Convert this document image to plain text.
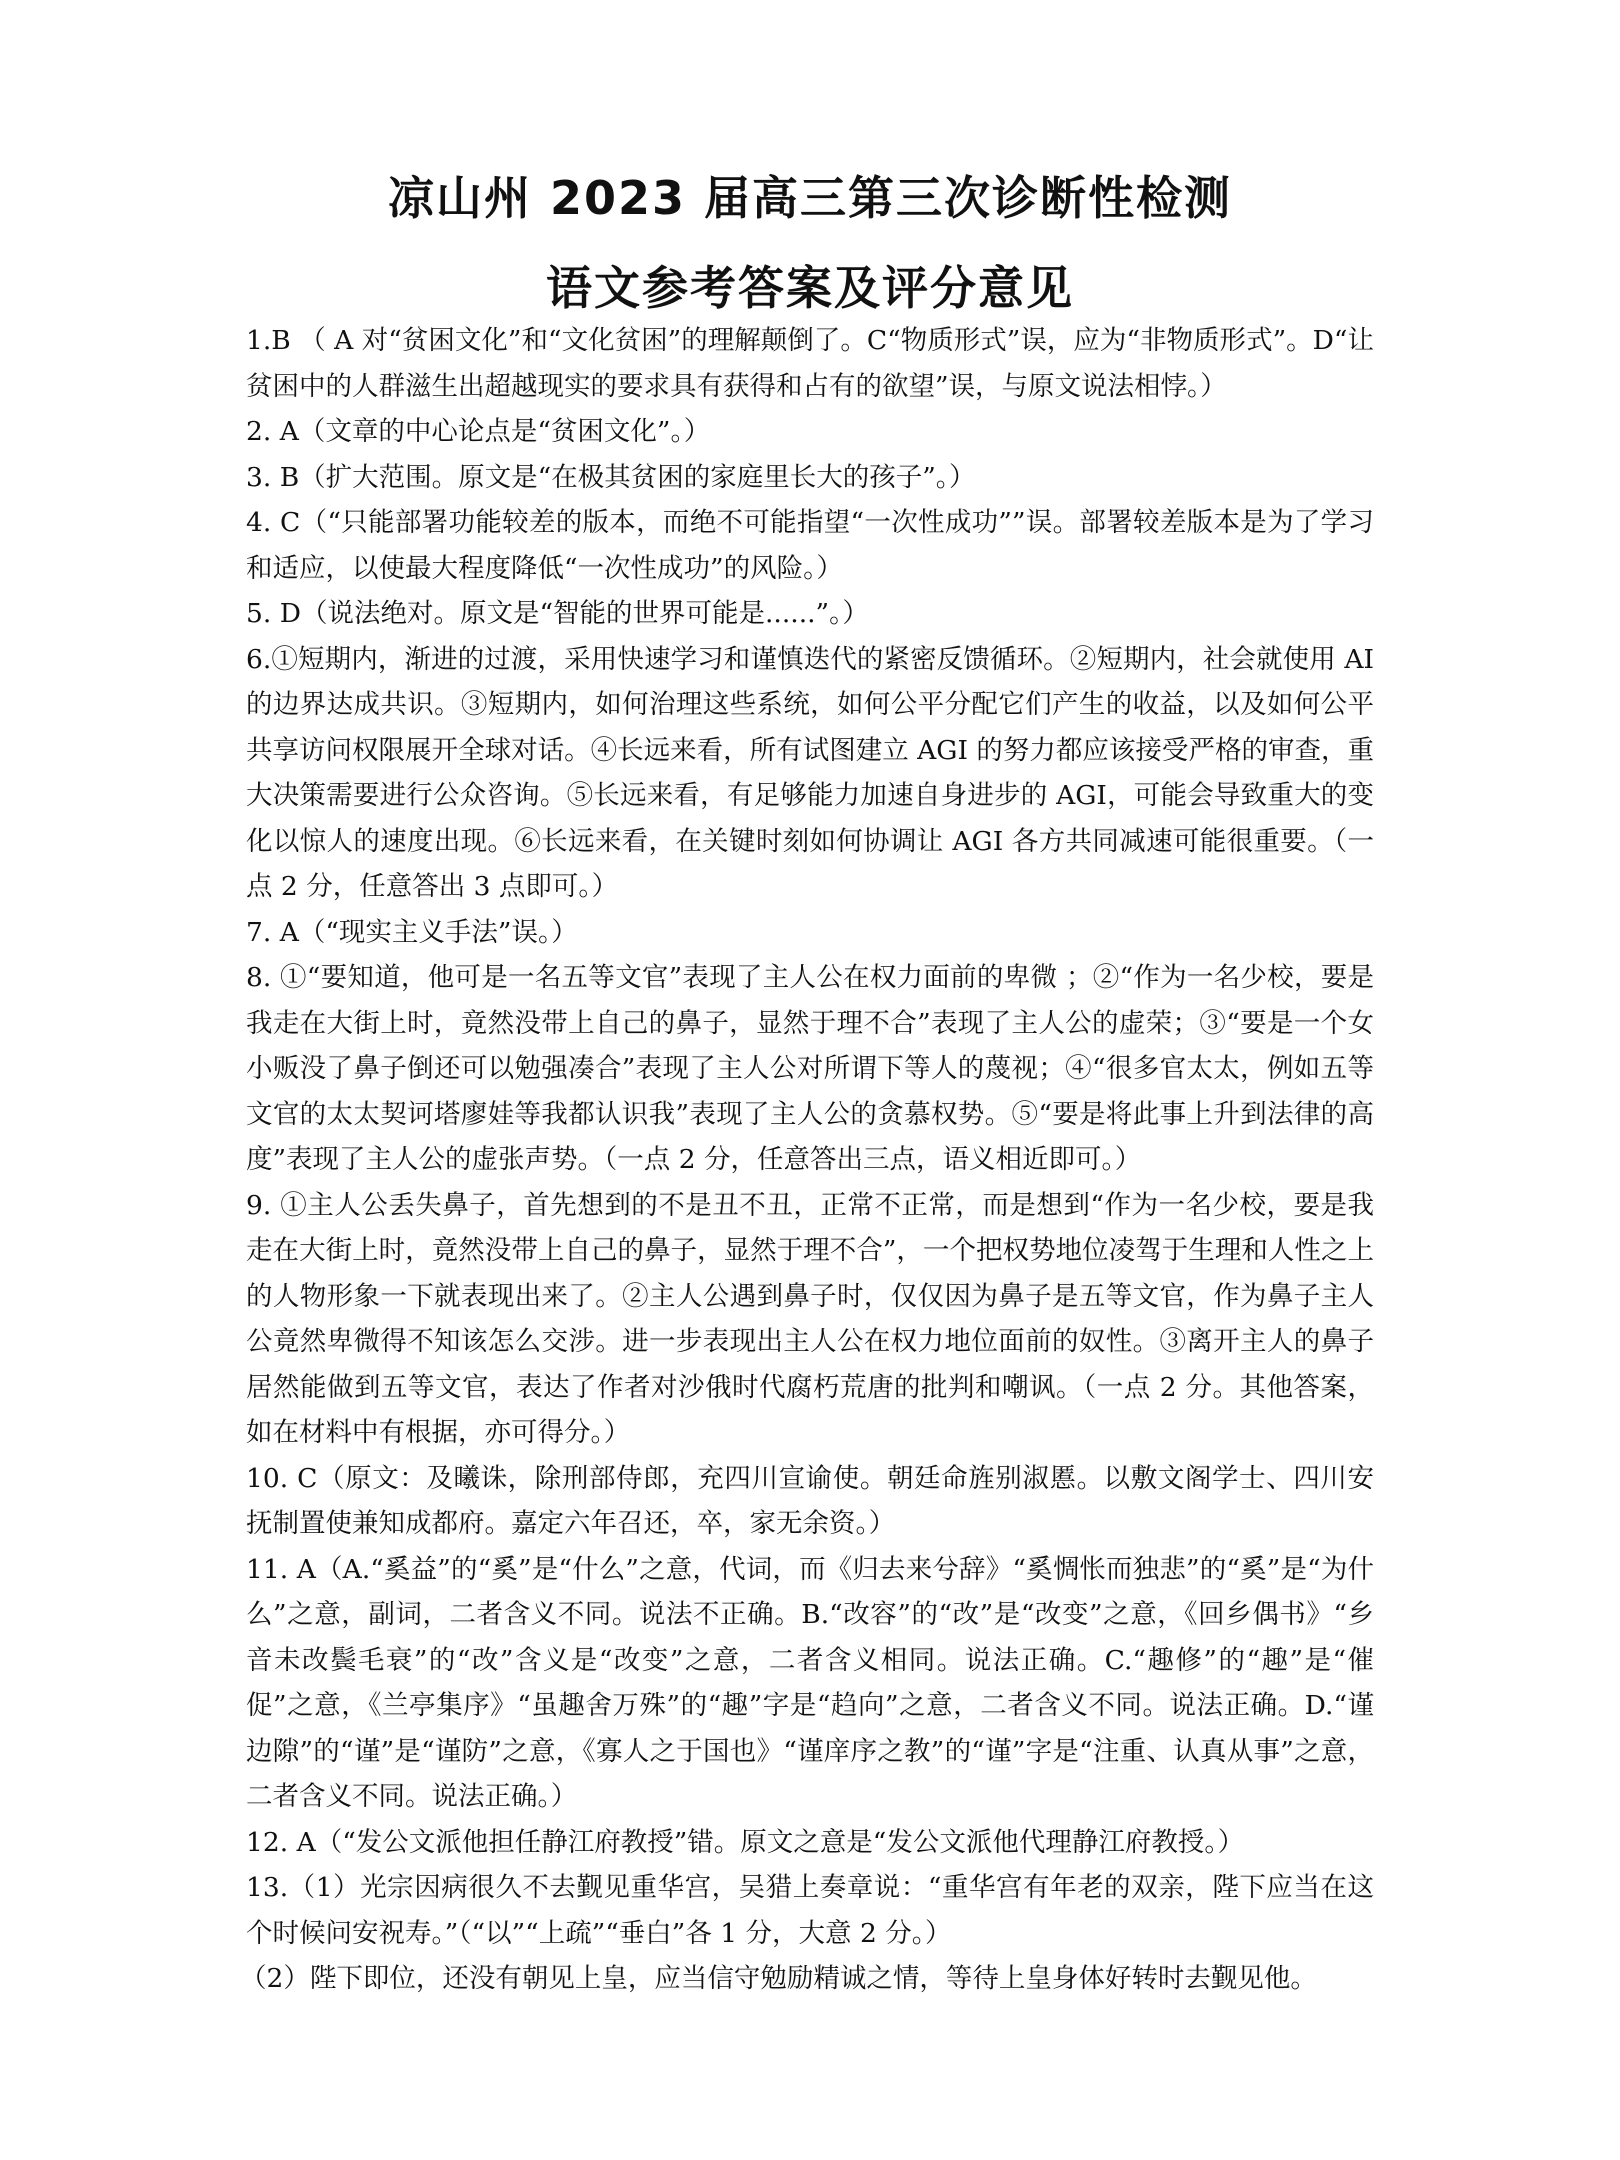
凉山州 2023 届高三第三次诊断性检测
语文参考答案及评分意见

1.B （ A 对“贫困文化”和“文化贫困”的理解颠倒了。C“物质形式”误，应为“非物质形式”。D“让贫困中的人群滋生出超越现实的要求具有获得和占有的欲望”误，与原文说法相悖。）

2. A（文章的中心论点是“贫困文化”。）

3. B（扩大范围。原文是“在极其贫困的家庭里长大的孩子”。）

4. C（“只能部署功能较差的版本，而绝不可能指望“一次性成功””误。部署较差版本是为了学习和适应，以使最大程度降低“一次性成功”的风险。）

5. D（说法绝对。原文是“智能的世界可能是......”。）

6.①短期内，渐进的过渡，采用快速学习和谨慎迭代的紧密反馈循环。②短期内，社会就使用 AI 的边界达成共识。③短期内，如何治理这些系统，如何公平分配它们产生的收益，以及如何公平共享访问权限展开全球对话。④长远来看，所有试图建立 AGI 的努力都应该接受严格的审查，重大决策需要进行公众咨询。⑤长远来看，有足够能力加速自身进步的 AGI，可能会导致重大的变化以惊人的速度出现。⑥长远来看，在关键时刻如何协调让 AGI 各方共同减速可能很重要。（一点 2 分，任意答出 3 点即可。）

7. A（“现实主义手法”误。）

8. ①“要知道，他可是一名五等文官”表现了主人公在权力面前的卑微 ；②“作为一名少校，要是我走在大街上时，竟然没带上自己的鼻子，显然于理不合”表现了主人公的虚荣；③“要是一个女小贩没了鼻子倒还可以勉强凑合”表现了主人公对所谓下等人的蔑视；④“很多官太太，例如五等文官的太太契诃塔廖娃等我都认识我”表现了主人公的贪慕权势。⑤“要是将此事上升到法律的高度”表现了主人公的虚张声势。（一点 2 分，任意答出三点，语义相近即可。）

9. ①主人公丢失鼻子，首先想到的不是丑不丑，正常不正常，而是想到“作为一名少校，要是我走在大街上时，竟然没带上自己的鼻子，显然于理不合”，一个把权势地位凌驾于生理和人性之上的人物形象一下就表现出来了。②主人公遇到鼻子时，仅仅因为鼻子是五等文官，作为鼻子主人公竟然卑微得不知该怎么交涉。进一步表现出主人公在权力地位面前的奴性。③离开主人的鼻子居然能做到五等文官，表达了作者对沙俄时代腐朽荒唐的批判和嘲讽。（一点 2 分。其他答案，如在材料中有根据，亦可得分。）

10. C（原文：及曦诛，除刑部侍郎，充四川宣谕使。朝廷命旌别淑慝。以敷文阁学士、四川安抚制置使兼知成都府。嘉定六年召还，卒，家无余资。）

11. A（A.“奚益”的“奚”是“什么”之意，代词，而《归去来兮辞》“奚惆怅而独悲”的“奚”是“为什么”之意，副词，二者含义不同。说法不正确。B.“改容”的“改”是“改变”之意，《回乡偶书》“乡音未改鬓毛衰”的“改”含义是“改变”之意，二者含义相同。说法正确。C.“趣修”的“趣”是“催促”之意，《兰亭集序》“虽趣舍万殊”的“趣”字是“趋向”之意，二者含义不同。说法正确。D.“谨边隙”的“谨”是“谨防”之意，《寡人之于国也》“谨庠序之教”的“谨”字是“注重、认真从事”之意，二者含义不同。说法正确。）

12. A（“发公文派他担任静江府教授”错。原文之意是“发公文派他代理静江府教授。）

13.（1）光宗因病很久不去觐见重华宫，吴猎上奏章说：“重华宫有年老的双亲，陛下应当在这个时候问安祝寿。”（“以”“上疏”“垂白”各 1 分，大意 2 分。）

（2）陛下即位，还没有朝见上皇，应当信守勉励精诚之情，等待上皇身体好转时去觐见他。
